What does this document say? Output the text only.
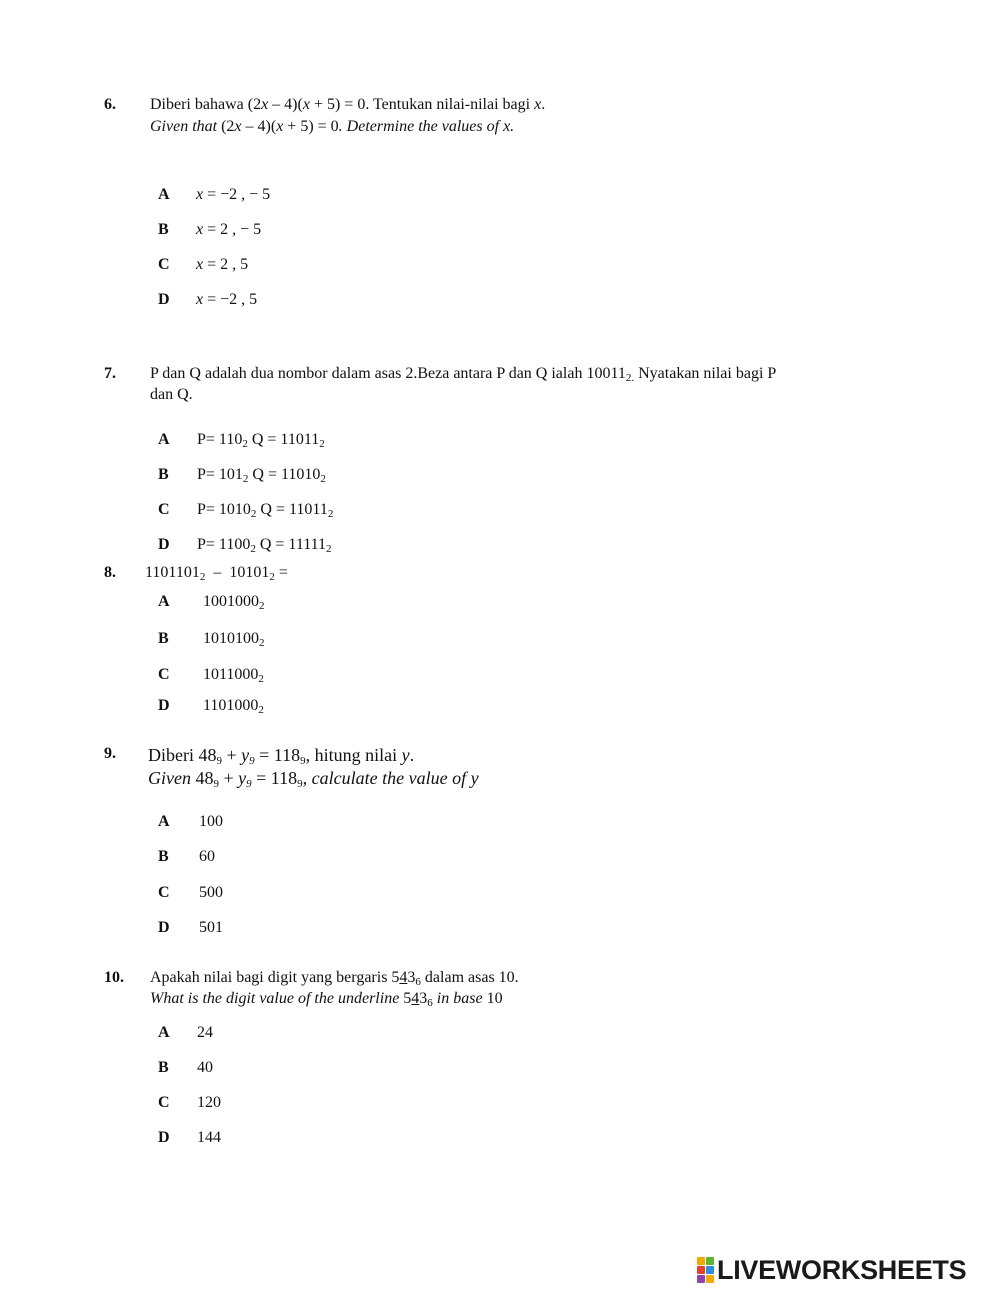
6. Diberi bahawa (2x – 4)(x + 5) = 0. Tentukan nilai-nilai bagi x.
Given that (2x – 4)(x + 5) = 0. Determine the values of x.
A x = −2 , − 5
B x = 2 , − 5
C x = 2 , 5
D x = −2 , 5
7. P dan Q adalah dua nombor dalam asas 2.Beza antara P dan Q ialah $10011_{2.}$ Nyatakan nilai bagi P
dan Q.
A $P= 110_2$ $Q = 11011_2$
B $P= 101_2$ $Q = 11010_2$
C $P= 1010_2$ $Q = 11011_2$
D $P= 1100_2$ $Q = 11111_2$
8. $1101101_2 - 10101_2$ =
A $1001000_2$
B $1010100_2$
C $1011000_2$
D $1101000_2$
9. Diberi $48_9 + y_9 = 118_9$, hitung nilai y.
Given $48_9 + y_9 = 118_9$, calculate the value of y
A 100
B 60
C 500
D 501
10. Apakah nilai bagi digit yang bergaris $543_6$ dalam asas 10.
What is the digit value of the underline $543_6$ in base 10
A 24
B 40
C 120
D 144
LIVEWORKSHEETS
